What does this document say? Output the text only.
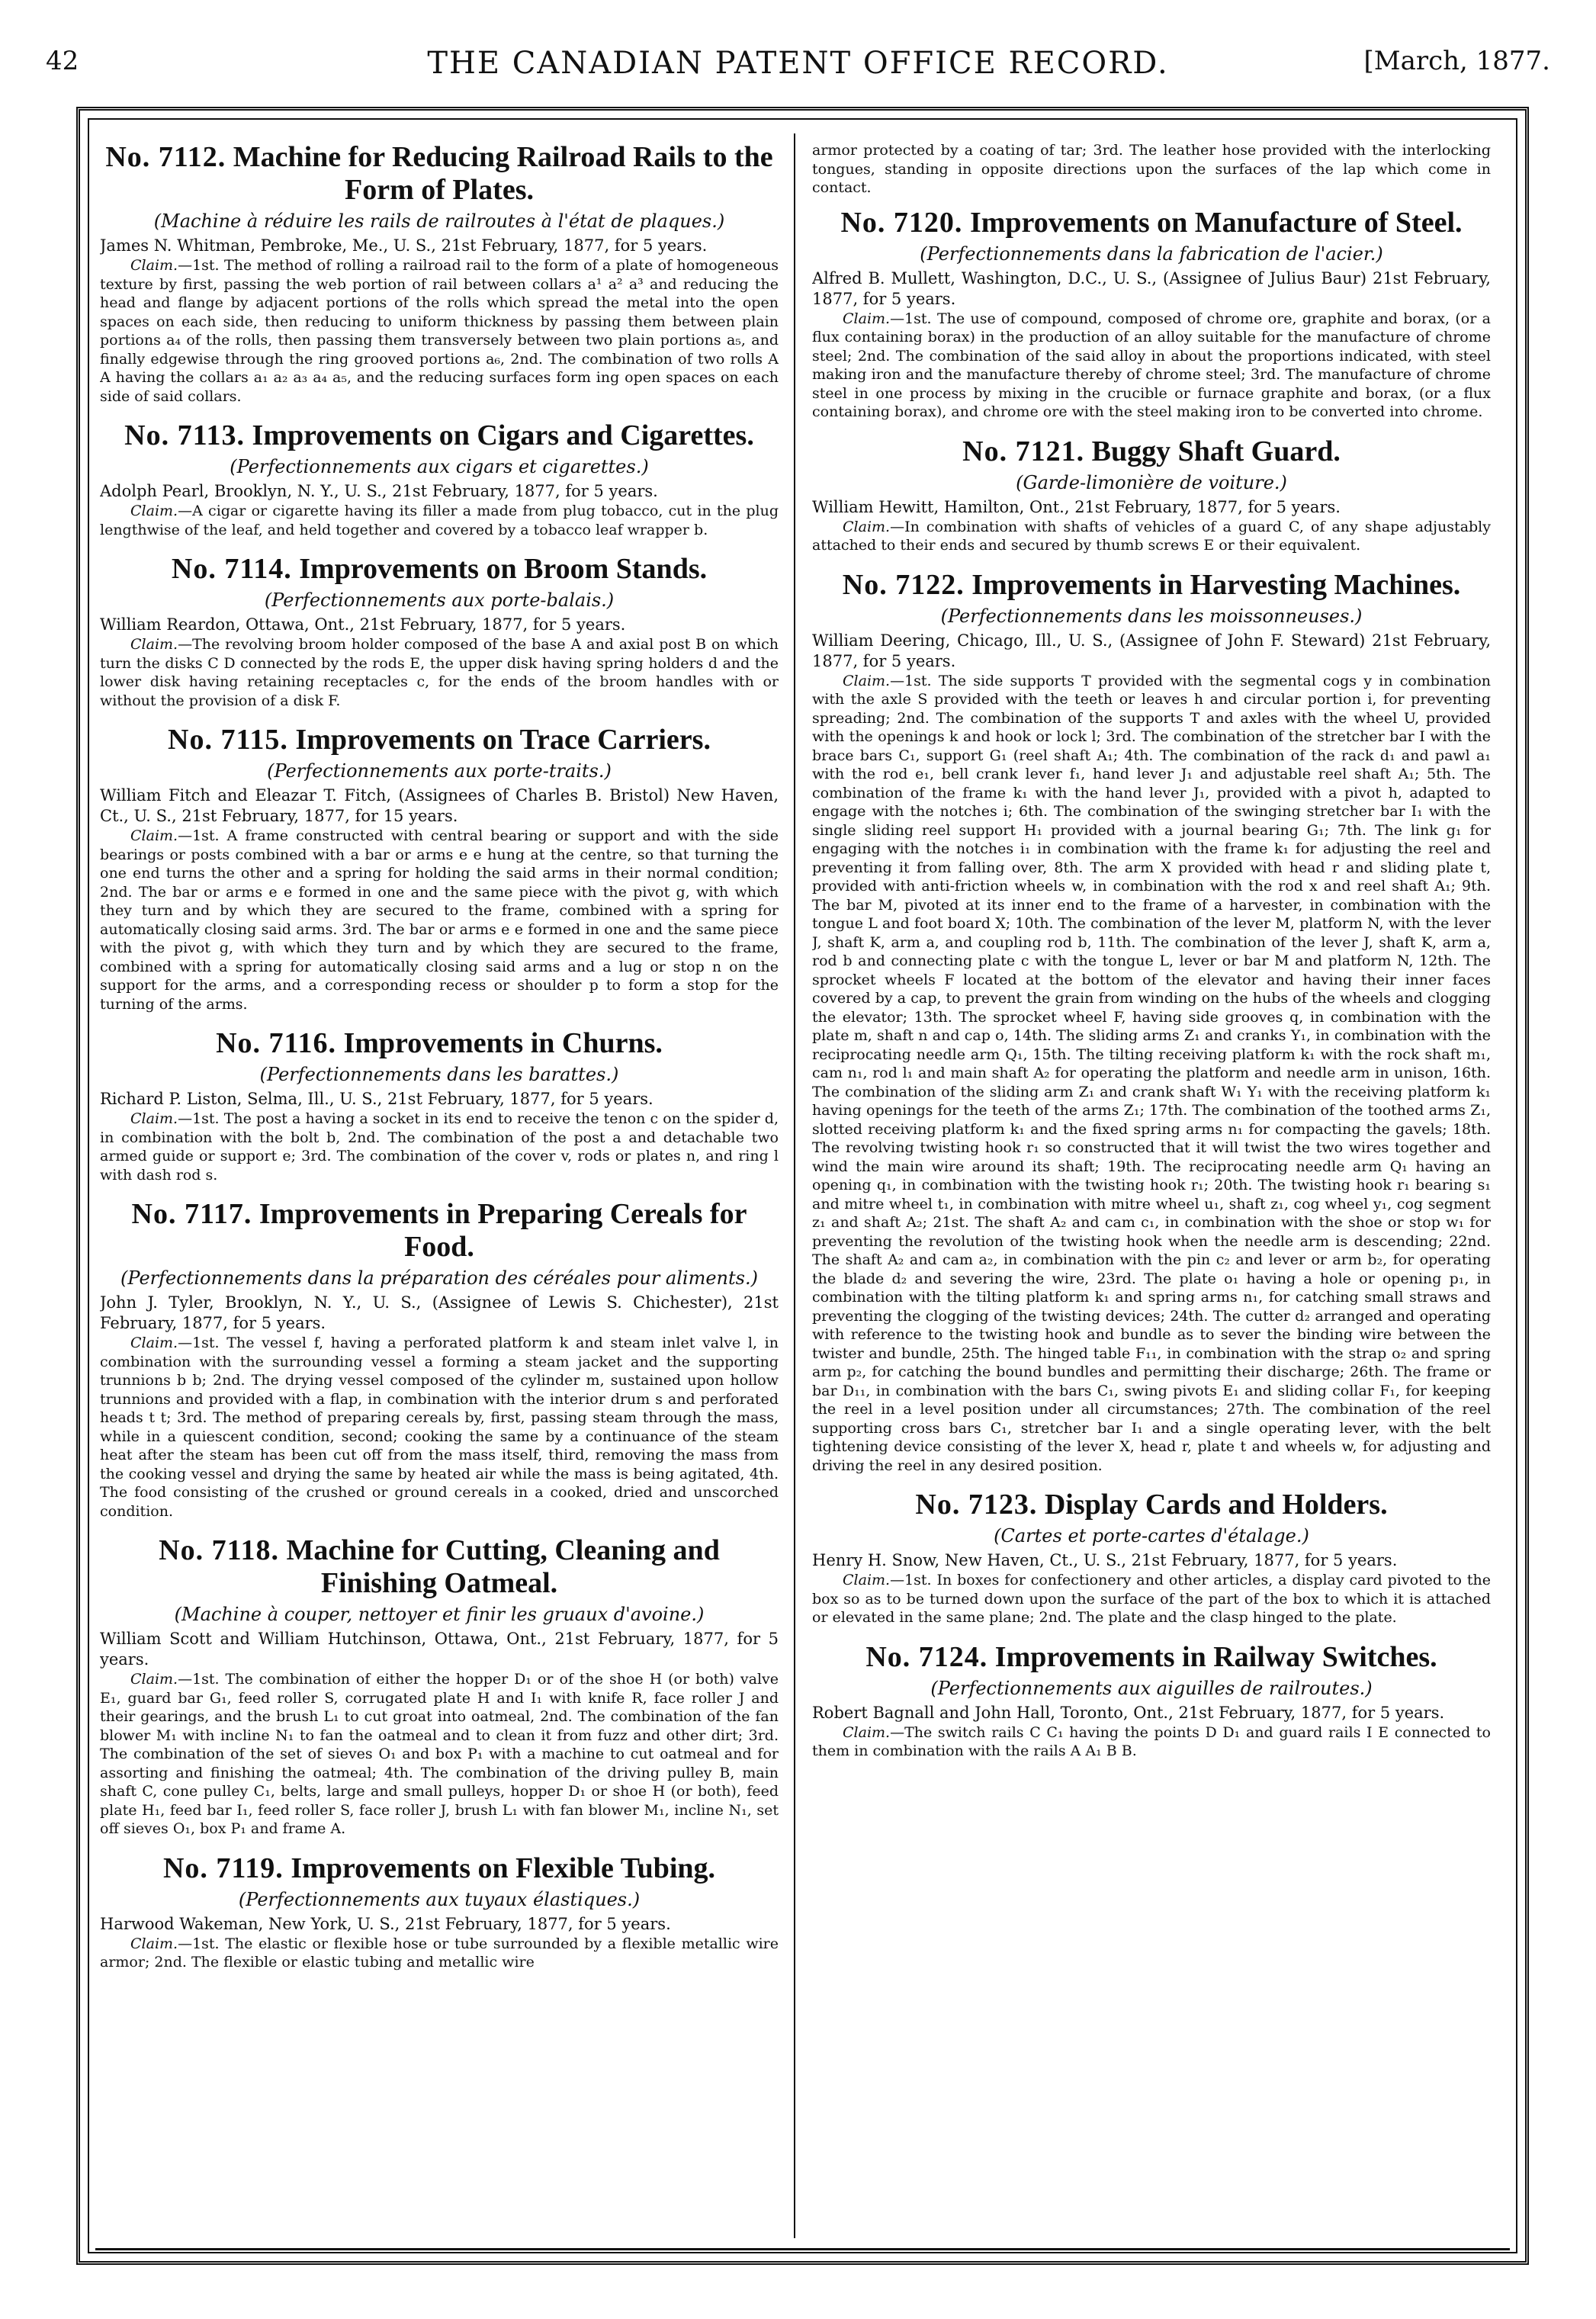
42	THE CANADIAN PATENT OFFICE RECORD.	[March, 1877.
No. 7112. Machine for Reducing Railroad Rails to the Form of Plates.
(Machine à réduire les rails de railroutes à l'état de plaques.)
James N. Whitman, Pembroke, Me., U. S., 21st February, 1877, for 5 years.
Claim.—1st. The method of rolling a railroad rail to the form of a plate of homogeneous texture by first, passing the web portion of rail between collars a¹ a² a³ and reducing the head and flange by adjacent portions of the rolls which spread the metal into the open spaces on each side, then reducing to uniform thickness by passing them between plain portions a₄ of the rolls, then passing them transversely between two plain portions a₅, and finally edgewise through the ring grooved portions a₆, 2nd. The combination of two rolls A A having the collars a₁ a₂ a₃ a₄ a₅, and the reducing surfaces form ing open spaces on each side of said collars.
No. 7113. Improvements on Cigars and Cigarettes.
(Perfectionnements aux cigars et cigarettes.)
Adolph Pearl, Brooklyn, N. Y., U. S., 21st February, 1877, for 5 years.
Claim.—A cigar or cigarette having its filler a made from plug tobacco, cut in the plug lengthwise of the leaf, and held together and covered by a tobacco leaf wrapper b.
No. 7114. Improvements on Broom Stands.
(Perfectionnements aux porte-balais.)
William Reardon, Ottawa, Ont., 21st February, 1877, for 5 years.
Claim.—The revolving broom holder composed of the base A and axial post B on which turn the disks C D connected by the rods E, the upper disk having spring holders d and the lower disk having retaining receptacles c, for the ends of the broom handles with or without the provision of a disk F.
No. 7115. Improvements on Trace Carriers.
(Perfectionnements aux porte-traits.)
William Fitch and Eleazar T. Fitch, (Assignees of Charles B. Bristol) New Haven, Ct., U. S., 21st February, 1877, for 15 years.
Claim.—1st. A frame constructed with central bearing or support and with the side bearings or posts combined with a bar or arms e e hung at the centre, so that turning the one end turns the other and a spring for holding the said arms in their normal condition; 2nd. The bar or arms e e formed in one and the same piece with the pivot g, with which they turn and by which they are secured to the frame, combined with a spring for automatically closing said arms. 3rd. The bar or arms e e formed in one and the same piece with the pivot g, with which they turn and by which they are secured to the frame, combined with a spring for automatically closing said arms and a lug or stop n on the support for the arms, and a corresponding recess or shoulder p to form a stop for the turning of the arms.
No. 7116. Improvements in Churns.
(Perfectionnements dans les barattes.)
Richard P. Liston, Selma, Ill., U. S., 21st February, 1877, for 5 years.
Claim.—1st. The post a having a socket in its end to receive the tenon c on the spider d, in combination with the bolt b, 2nd. The combination of the post a and detachable two armed guide or support e; 3rd. The combination of the cover v, rods or plates n, and ring l with dash rod s.
No. 7117. Improvements in Preparing Cereals for Food.
(Perfectionnements dans la préparation des céréales pour aliments.)
John J. Tyler, Brooklyn, N. Y., U. S., (Assignee of Lewis S. Chichester), 21st February, 1877, for 5 years.
Claim.—1st. The vessel f, having a perforated platform k and steam inlet valve l, in combination with the surrounding vessel a forming a steam jacket and the supporting trunnions b b; 2nd. The drying vessel composed of the cylinder m, sustained upon hollow trunnions and provided with a flap, in combination with the interior drum s and perforated heads t t; 3rd. The method of preparing cereals by, first, passing steam through the mass, while in a quiescent condition, second; cooking the same by a continuance of the steam heat after the steam has been cut off from the mass itself, third, removing the mass from the cooking vessel and drying the same by heated air while the mass is being agitated, 4th. The food consisting of the crushed or ground cereals in a cooked, dried and unscorched condition.
No. 7118. Machine for Cutting, Cleaning and Finishing Oatmeal.
(Machine à couper, nettoyer et finir les gruaux d'avoine.)
William Scott and William Hutchinson, Ottawa, Ont., 21st February, 1877, for 5 years.
Claim.—1st. The combination of either the hopper D₁ or of the shoe H (or both) valve E₁, guard bar G₁, feed roller S, corrugated plate H and I₁ with knife R, face roller J and their gearings, and the brush L₁ to cut groat into oatmeal, 2nd. The combination of the fan blower M₁ with incline N₁ to fan the oatmeal and to clean it from fuzz and other dirt; 3rd. The combination of the set of sieves O₁ and box P₁ with a machine to cut oatmeal and for assorting and finishing the oatmeal; 4th. The combination of the driving pulley B, main shaft C, cone pulley C₁, belts, large and small pulleys, hopper D₁ or shoe H (or both), feed plate H₁, feed bar I₁, feed roller S, face roller J, brush L₁ with fan blower M₁, incline N₁, set off sieves O₁, box P₁ and frame A.
No. 7119. Improvements on Flexible Tubing.
(Perfectionnements aux tuyaux élastiques.)
Harwood Wakeman, New York, U. S., 21st February, 1877, for 5 years.
Claim.—1st. The elastic or flexible hose or tube surrounded by a flexible metallic wire armor; 2nd. The flexible or elastic tubing and metallic wire
armor protected by a coating of tar; 3rd. The leather hose provided with the interlocking tongues, standing in opposite directions upon the surfaces of the lap which come in contact.
No. 7120. Improvements on Manufacture of Steel.
(Perfectionnements dans la fabrication de l'acier.)
Alfred B. Mullett, Washington, D.C., U. S., (Assignee of Julius Baur) 21st February, 1877, for 5 years.
Claim.—1st. The use of compound, composed of chrome ore, graphite and borax, (or a flux containing borax) in the production of an alloy suitable for the manufacture of chrome steel; 2nd. The combination of the said alloy in about the proportions indicated, with steel making iron and the manufacture thereby of chrome steel; 3rd. The manufacture of chrome steel in one process by mixing in the crucible or furnace graphite and borax, (or a flux containing borax), and chrome ore with the steel making iron to be converted into chrome.
No. 7121. Buggy Shaft Guard.
(Garde-limonière de voiture.)
William Hewitt, Hamilton, Ont., 21st February, 1877, for 5 years.
Claim.—In combination with shafts of vehicles of a guard C, of any shape adjustably attached to their ends and secured by thumb screws E or their equivalent.
No. 7122. Improvements in Harvesting Machines.
(Perfectionnements dans les moissonneuses.)
William Deering, Chicago, Ill., U. S., (Assignee of John F. Steward) 21st February, 1877, for 5 years.
Claim.—1st. The side supports T provided with the segmental cogs y in combination with the axle S provided with the teeth or leaves h and circular portion i, for preventing spreading; 2nd. The combination of the supports T and axles with the wheel U, provided with the openings k and hook or lock l; 3rd. The combination of the stretcher bar I with the brace bars C₁, support G₁ (reel shaft A₁; 4th. The combination of the rack d₁ and pawl a₁ with the rod e₁, bell crank lever f₁, hand lever J₁ and adjustable reel shaft A₁; 5th. The combination of the frame k₁ with the hand lever J₁, provided with a pivot h, adapted to engage with the notches i; 6th. The combination of the swinging stretcher bar I₁ with the single sliding reel support H₁ provided with a journal bearing G₁; 7th. The link g₁ for engaging with the notches i₁ in combination with the frame k₁ for adjusting the reel and preventing it from falling over, 8th. The arm X provided with head r and sliding plate t, provided with anti-friction wheels w, in combination with the rod x and reel shaft A₁; 9th. The bar M, pivoted at its inner end to the frame of a harvester, in combination with the tongue L and foot board X; 10th. The combination of the lever M, platform N, with the lever J, shaft K, arm a, and coupling rod b, 11th. The combination of the lever J, shaft K, arm a, rod b and connecting plate c with the tongue L, lever or bar M and platform N, 12th. The sprocket wheels F located at the bottom of the elevator and having their inner faces covered by a cap, to prevent the grain from winding on the hubs of the wheels and clogging the elevator; 13th. The sprocket wheel F, having side grooves q, in combination with the plate m, shaft n and cap o, 14th. The sliding arms Z₁ and cranks Y₁, in combination with the reciprocating needle arm Q₁, 15th. The tilting receiving platform k₁ with the rock shaft m₁, cam n₁, rod l₁ and main shaft A₂ for operating the platform and needle arm in unison, 16th. The combination of the sliding arm Z₁ and crank shaft W₁ Y₁ with the receiving platform k₁ having openings for the teeth of the arms Z₁; 17th. The combination of the toothed arms Z₁, slotted receiving platform k₁ and the fixed spring arms n₁ for compacting the gavels; 18th. The revolving twisting hook r₁ so constructed that it will twist the two wires together and wind the main wire around its shaft; 19th. The reciprocating needle arm Q₁ having an opening q₁, in combination with the twisting hook r₁; 20th. The twisting hook r₁ bearing s₁ and mitre wheel t₁, in combination with mitre wheel u₁, shaft z₁, cog wheel y₁, cog segment z₁ and shaft A₂; 21st. The shaft A₂ and cam c₁, in combination with the shoe or stop w₁ for preventing the revolution of the twisting hook when the needle arm is descending; 22nd. The shaft A₂ and cam a₂, in combination with the pin c₂ and lever or arm b₂, for operating the blade d₂ and severing the wire, 23rd. The plate o₁ having a hole or opening p₁, in combination with the tilting platform k₁ and spring arms n₁, for catching small straws and preventing the clogging of the twisting devices; 24th. The cutter d₂ arranged and operating with reference to the twisting hook and bundle as to sever the binding wire between the twister and bundle, 25th. The hinged table F₁₁, in combination with the strap o₂ and spring arm p₂, for catching the bound bundles and permitting their discharge; 26th. The frame or bar D₁₁, in combination with the bars C₁, swing pivots E₁ and sliding collar F₁, for keeping the reel in a level position under all circumstances; 27th. The combination of the reel supporting cross bars C₁, stretcher bar I₁ and a single operating lever, with the belt tightening device consisting of the lever X, head r, plate t and wheels w, for adjusting and driving the reel in any desired position.
No. 7123. Display Cards and Holders.
(Cartes et porte-cartes d'étalage.)
Henry H. Snow, New Haven, Ct., U. S., 21st February, 1877, for 5 years.
Claim.—1st. In boxes for confectionery and other articles, a display card pivoted to the box so as to be turned down upon the surface of the part of the box to which it is attached or elevated in the same plane; 2nd. The plate and the clasp hinged to the plate.
No. 7124. Improvements in Railway Switches.
(Perfectionnements aux aiguilles de railroutes.)
Robert Bagnall and John Hall, Toronto, Ont., 21st February, 1877, for 5 years.
Claim.—The switch rails C C₁ having the points D D₁ and guard rails I E connected to them in combination with the rails A A₁ B B.
